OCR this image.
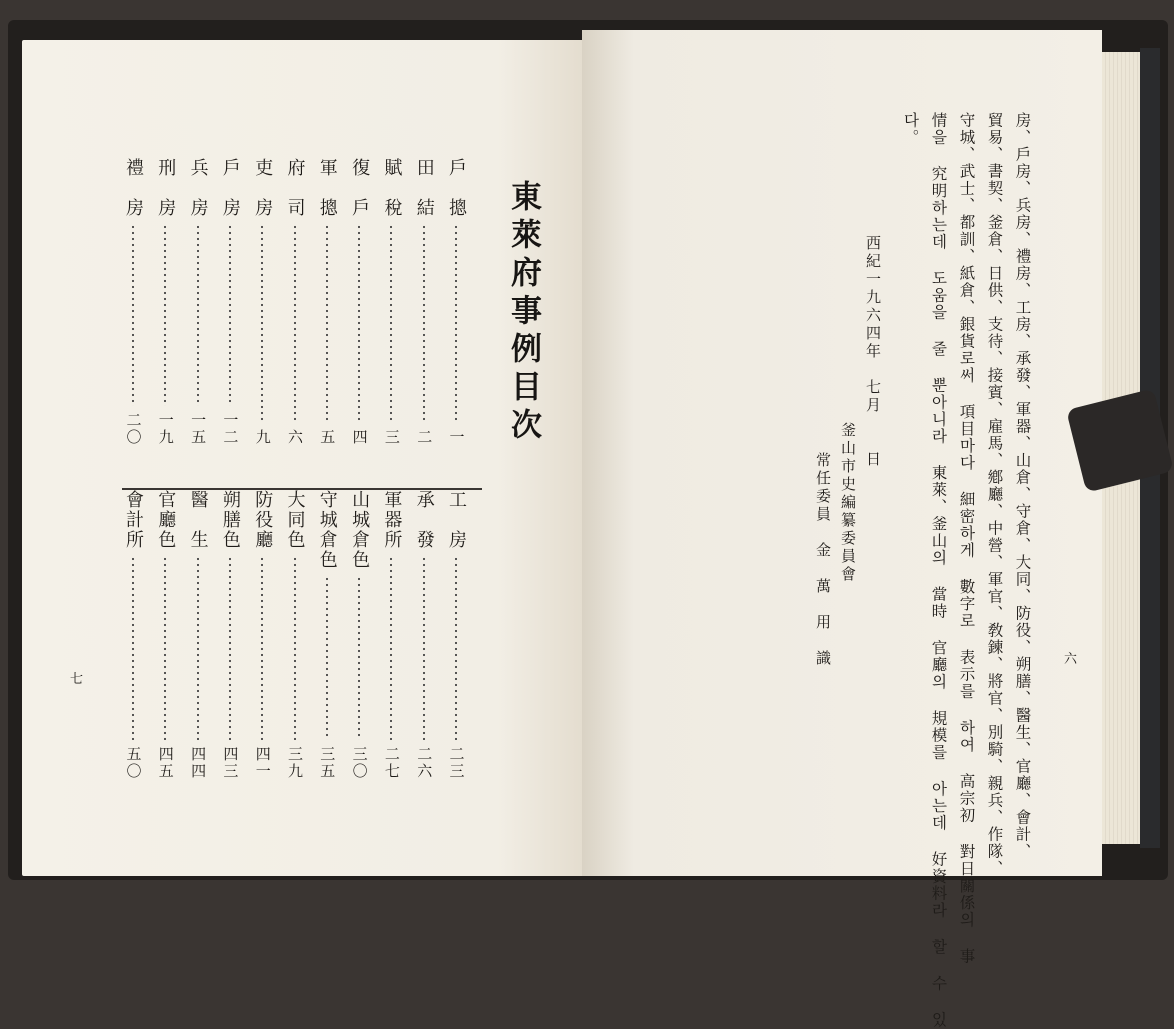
東萊府事例目次
戶　摠
一
田　結
二
賦　稅
三
復　戶
四
軍　摠
五
府　司
六
吏　房
九
戶　房
一二
兵　房
一五
刑　房
一九
禮　房
二〇
工　房
二三
承　發
二六
軍器所
二七
山城倉色
三〇
守城倉色
三五
大同色
三九
防役廳
四一
朔膳色
四三
醫　生
四四
官廳色
四五
會計所
五〇
七	房、戶房、兵房、禮房、工房、承發、軍器、山倉、守倉、大同、防役、朔膳、醫生、官廳、會計、
貿易、書契、釜倉、日供、支待、接賓、雇馬、鄕廳、中營、軍官、敎鍊、將官、別騎、親兵、作隊、
守城、武士、都訓、紙倉、銀貨로써 項目마다 細密하게 數字로 表示를 하여 高宗初 對日關係의 事
情을 究明하는데 도움을 줄 뿐아니라 東萊、釜山의 當時 官廳의 規模를 아는데 好資料라 할 수 있
다。
西紀一九六四年　七月　　日
釜山市史編纂委員會
常任委員　金　萬　用　識	六
